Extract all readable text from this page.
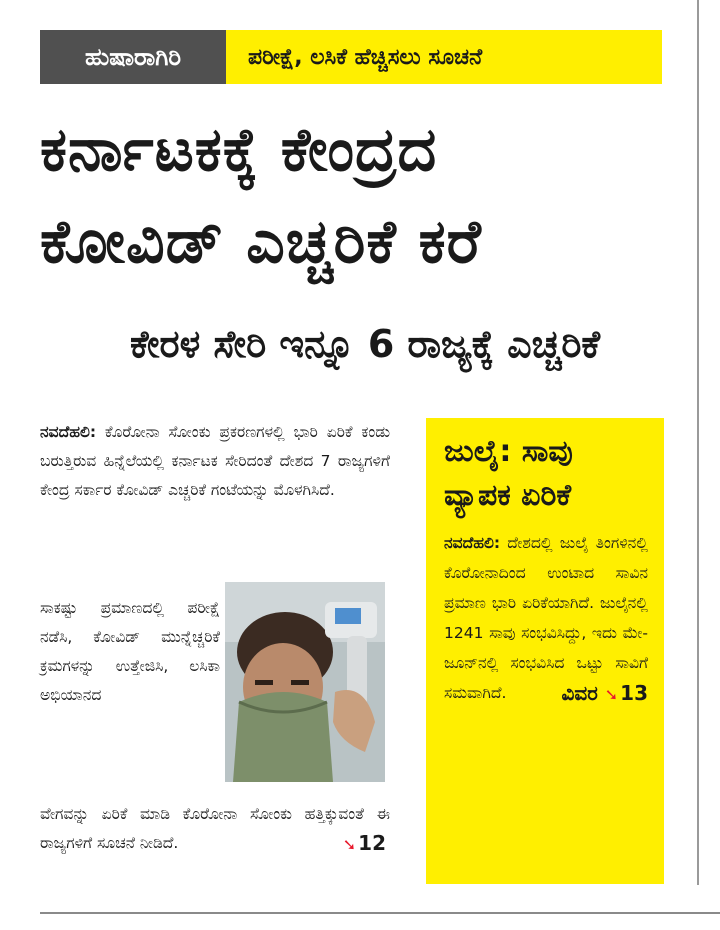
ಹುಷಾರಾಗಿರಿ	ಪರೀಕ್ಷೆ, ಲಸಿಕೆ ಹೆಚ್ಚಿಸಲು ಸೂಚನೆ
ಕರ್ನಾಟಕಕ್ಕೆ ಕೇಂದ್ರದ
ಕೋವಿಡ್ ಎಚ್ಚರಿಕೆ ಕರೆ
ಕೇರಳ ಸೇರಿ ಇನ್ನೂ 6 ರಾಜ್ಯಕ್ಕೆ ಎಚ್ಚರಿಕೆ
ನವದೆಹಲಿ: ಕೊರೋನಾ ಸೋಂಕು ಪ್ರಕರಣಗಳಲ್ಲಿ ಭಾರಿ ಏರಿಕೆ ಕಂಡು ಬರುತ್ತಿರುವ ಹಿನ್ನೆಲೆಯಲ್ಲಿ ಕರ್ನಾಟಕ ಸೇರಿದಂತೆ ದೇಶದ 7 ರಾಜ್ಯಗಳಿಗೆ ಕೇಂದ್ರ ಸರ್ಕಾರ ಕೋವಿಡ್ ಎಚ್ಚರಿಕೆ ಗಂಟೆಯನ್ನು ಮೊಳಗಿಸಿದೆ.
ಸಾಕಷ್ಟು ಪ್ರಮಾಣದಲ್ಲಿ ಪರೀಕ್ಷೆ ನಡೆಸಿ, ಕೋವಿಡ್ ಮುನ್ನೆಚ್ಚರಿಕೆ ಕ್ರಮಗಳನ್ನು ಉತ್ತೇಜಿಸಿ, ಲಸಿಕಾ ಅಭಿಯಾನದ
ವೇಗವನ್ನು ಏರಿಕೆ ಮಾಡಿ ಕೊರೋನಾ ಸೋಂಕು ಹತ್ತಿಕ್ಕುವಂತೆ ಈ ರಾಜ್ಯಗಳಿಗೆ ಸೂಚನೆ ನೀಡಿದೆ.	➘ 12
ಜುಲೈ: ಸಾವು ವ್ಯಾಪಕ ಏರಿಕೆ
ನವದೆಹಲಿ: ದೇಶದಲ್ಲಿ ಜುಲೈ ತಿಂಗಳಿನಲ್ಲಿ ಕೊರೋನಾದಿಂದ ಉಂಟಾದ ಸಾವಿನ ಪ್ರಮಾಣ ಭಾರಿ ಏರಿಕೆಯಾಗಿದೆ. ಜುಲೈನಲ್ಲಿ 1241 ಸಾವು ಸಂಭವಿಸಿದ್ದು, ಇದು ಮೇ-ಜೂನ್‌ನಲ್ಲಿ ಸಂಭವಿಸಿದ ಒಟ್ಟು ಸಾವಿಗೆ ಸಮವಾಗಿದೆ.	ವಿವರ ➘ 13
